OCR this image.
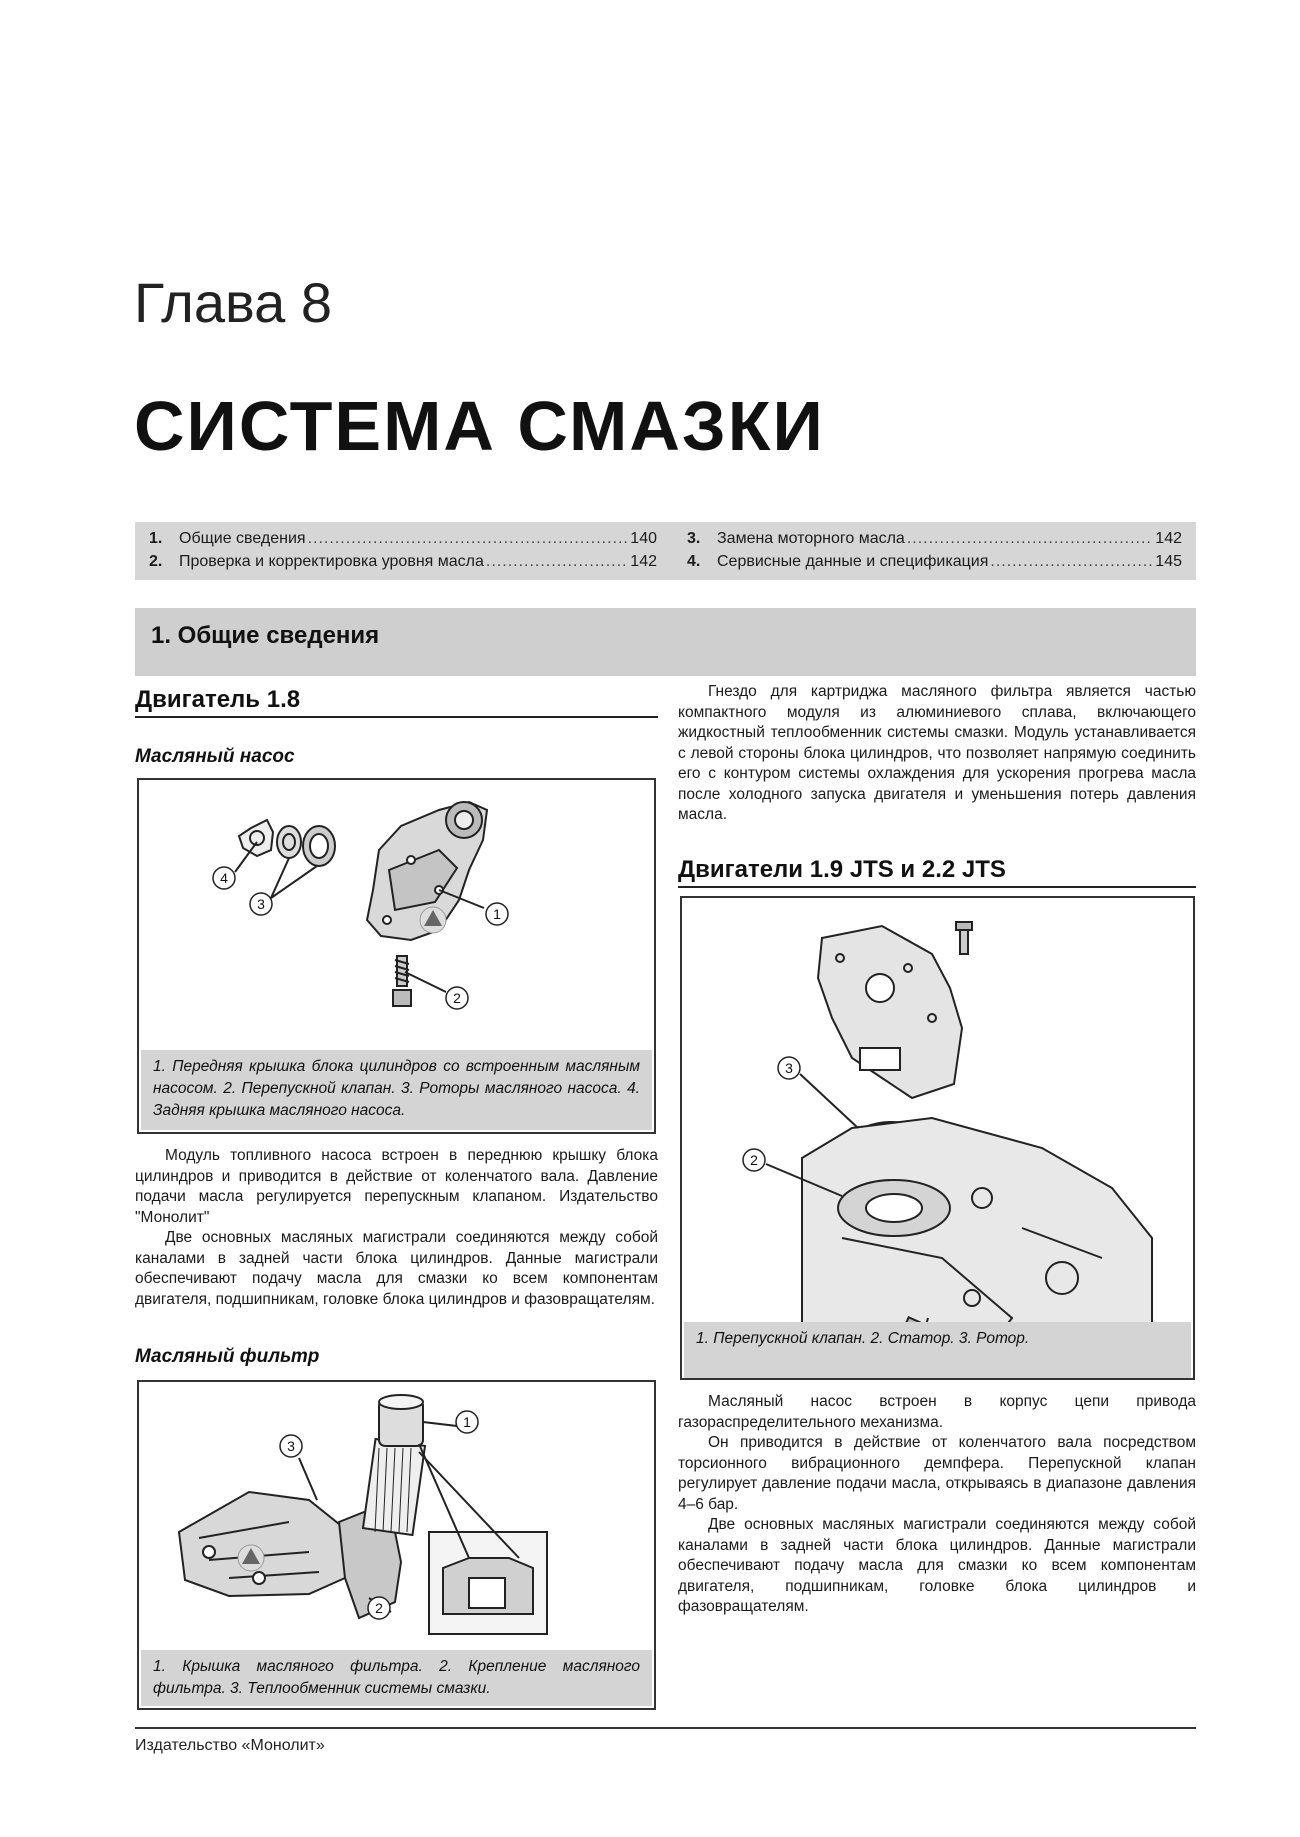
Глава 8
СИСТЕМА СМАЗКИ
1.	Общие сведения .....	140
2.	Проверка и корректировка уровня масла .....	142
3.	Замена моторного масла .....	142
4.	Сервисные данные и спецификация .....	145
1. Общие сведения
Двигатель 1.8
Масляный насос
4
3
1
2
1. Передняя крышка блока цилиндров со встроенным масляным насосом. 2. Перепускной клапан. 3. Роторы масляного насоса. 4. Задняя крышка масляного насоса.

Модуль топливного насоса встроен в переднюю крышку блока цилиндров и приводится в действие от коленчатого вала. Давление подачи масла регулируется перепускным клапаном. Издательство "Монолит"

Две основных масляных магистрали соединяются между собой каналами в задней части блока цилиндров. Данные магистрали обеспечивают подачу масла для смазки ко всем компонентам двигателя, подшипникам, головке блока цилиндров и фазовращателям.

Масляный фильтр
1
3
2
1. Крышка масляного фильтра. 2. Крепление масляного фильтра. 3. Теплообменник системы смазки.

Гнездо для картриджа масляного фильтра является частью компактного модуля из алюминиевого сплава, включающего жидкостный теплообменник системы смазки. Модуль устанавливается с левой стороны блока цилиндров, что позволяет напрямую соединить его с контуром системы охлаждения для ускорения прогрева масла после холодного запуска двигателя и уменьшения потерь давления масла.

Двигатели 1.9 JTS и 2.2 JTS
3
2
1. Перепускной клапан. 2. Статор. 3. Ротор.

Масляный насос встроен в корпус цепи привода газораспределительного механизма.

Он приводится в действие от коленчатого вала посредством торсионного вибрационного демпфера. Перепускной клапан регулирует давление подачи масла, открываясь в диапазоне давления 4–6 бар.

Две основных масляных магистрали соединяются между собой каналами в задней части блока цилиндров. Данные магистрали обеспечивают подачу масла для смазки ко всем компонентам двигателя, подшипникам, головке блока цилиндров и фазовращателям.

Издательство «Монолит»
